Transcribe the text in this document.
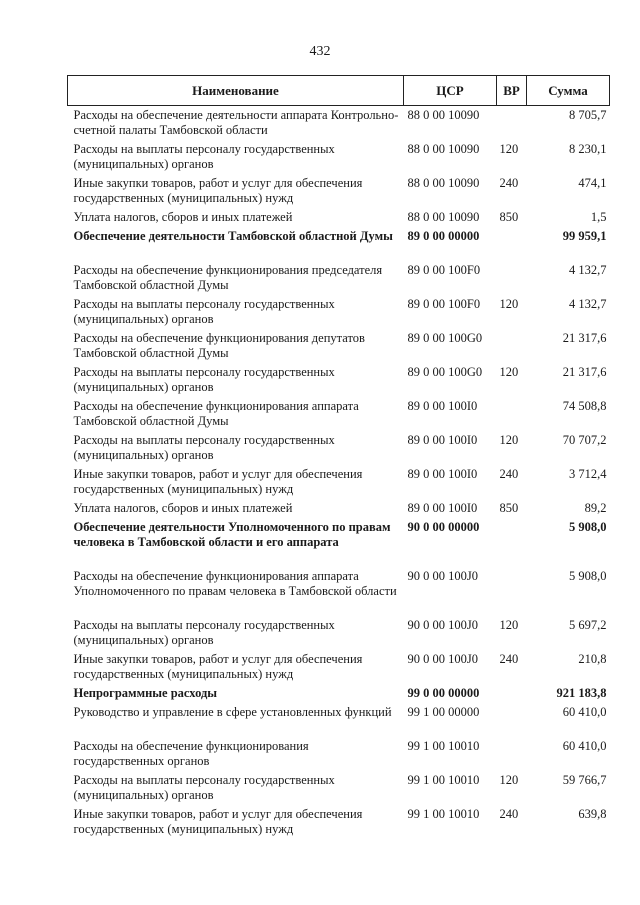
432
Наименование	ЦСР	ВР	Сумма
Расходы на обеспечение деятельности аппарата Контрольно-счетной палаты Тамбовской области	88 0 00 10090		8 705,7
Расходы на выплаты персоналу государственных (муниципальных) органов	88 0 00 10090	120	8 230,1
Иные закупки товаров, работ и услуг для обеспечения государственных (муниципальных) нужд	88 0 00 10090	240	474,1
Уплата налогов, сборов и иных платежей	88 0 00 10090	850	1,5
Обеспечение деятельности Тамбовской областной Думы	89 0 00 00000		99 959,1
Расходы на обеспечение функционирования председателя Тамбовской областной Думы	89 0 00 100F0		4 132,7
Расходы на выплаты персоналу государственных (муниципальных) органов	89 0 00 100F0	120	4 132,7
Расходы на обеспечение функционирования депутатов Тамбовской областной Думы	89 0 00 100G0		21 317,6
Расходы на выплаты персоналу государственных (муниципальных) органов	89 0 00 100G0	120	21 317,6
Расходы на обеспечение функционирования аппарата Тамбовской областной Думы	89 0 00 100I0		74 508,8
Расходы на выплаты персоналу государственных (муниципальных) органов	89 0 00 100I0	120	70 707,2
Иные закупки товаров, работ и услуг для обеспечения государственных (муниципальных) нужд	89 0 00 100I0	240	3 712,4
Уплата налогов, сборов и иных платежей	89 0 00 100I0	850	89,2
Обеспечение деятельности Уполномоченного по правам человека в Тамбовской области и его аппарата	90 0 00 00000		5 908,0
Расходы на обеспечение функционирования аппарата Уполномоченного по правам человека в Тамбовской области	90 0 00 100J0		5 908,0
Расходы на выплаты персоналу государственных (муниципальных) органов	90 0 00 100J0	120	5 697,2
Иные закупки товаров, работ и услуг для обеспечения государственных (муниципальных) нужд	90 0 00 100J0	240	210,8
Непрограммные расходы	99 0 00 00000		921 183,8
Руководство и управление в сфере установленных функций	99 1 00 00000		60 410,0
Расходы на обеспечение функционирования государственных органов	99 1 00 10010		60 410,0
Расходы на выплаты персоналу государственных (муниципальных) органов	99 1 00 10010	120	59 766,7
Иные закупки товаров, работ и услуг для обеспечения государственных (муниципальных) нужд	99 1 00 10010	240	639,8
